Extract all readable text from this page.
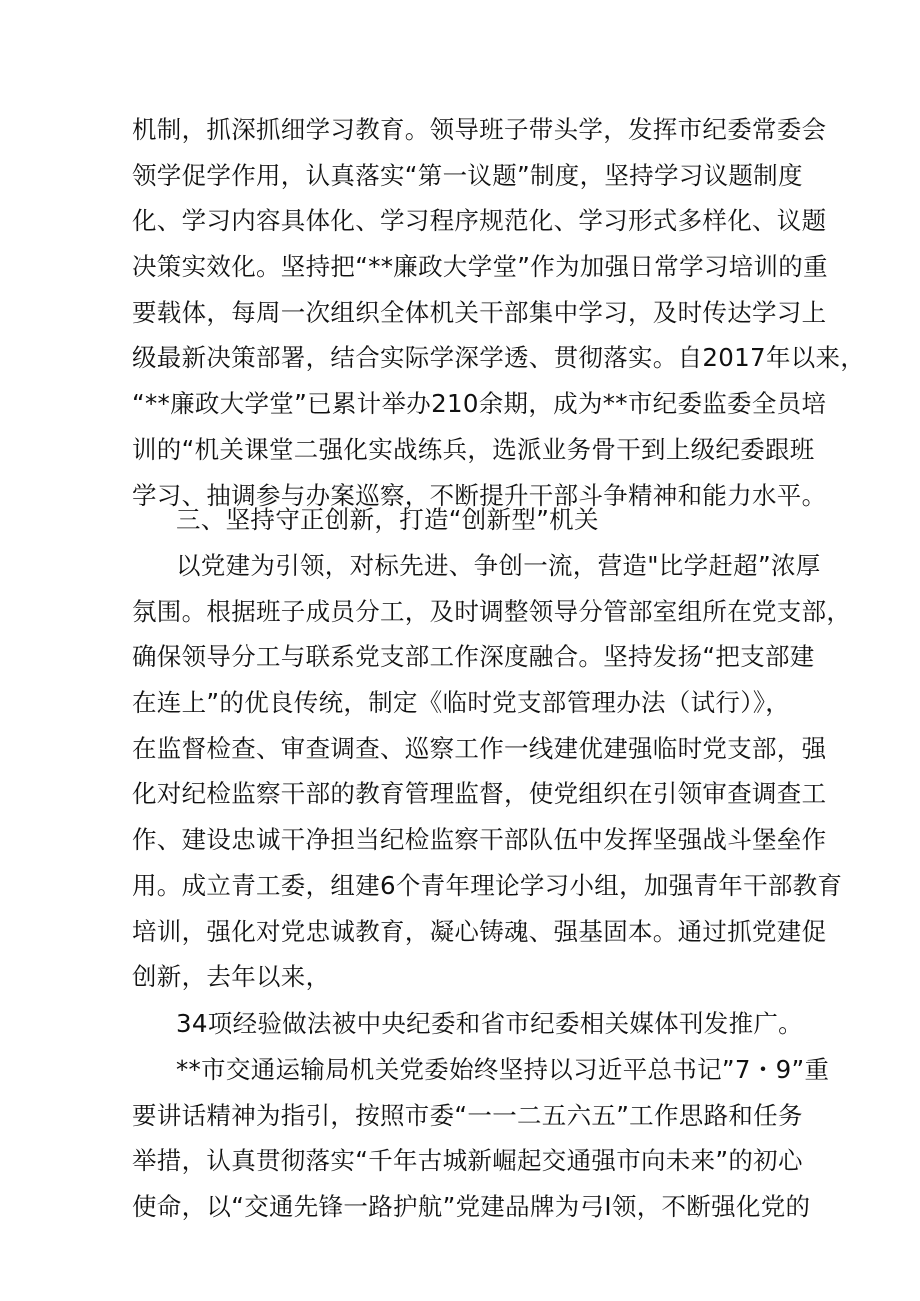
机制，抓深抓细学习教育。领导班子带头学，发挥市纪委常委会
领学促学作用，认真落实“第一议题”制度，坚持学习议题制度
化、学习内容具体化、学习程序规范化、学习形式多样化、议题
决策实效化。坚持把“**廉政大学堂”作为加强日常学习培训的重
要载体，每周一次组织全体机关干部集中学习，及时传达学习上
级最新决策部署，结合实际学深学透、贯彻落实。自2017年以来，
“**廉政大学堂”已累计举办210余期，成为**市纪委监委全员培
训的“机关课堂二强化实战练兵，选派业务骨干到上级纪委跟班
学习、抽调参与办案巡察，不断提升干部斗争精神和能力水平。
三、坚持守正创新，打造“创新型”机关
以党建为引领，对标先进、争创一流，营造"比学赶超”浓厚
氛围。根据班子成员分工，及时调整领导分管部室组所在党支部，
确保领导分工与联系党支部工作深度融合。坚持发扬“把支部建
在连上”的优良传统，制定《临时党支部管理办法（试行）》，
在监督检查、审查调查、巡察工作一线建优建强临时党支部，强
化对纪检监察干部的教育管理监督，使党组织在引领审查调查工
作、建设忠诚干净担当纪检监察干部队伍中发挥坚强战斗堡垒作
用。成立青工委，组建6个青年理论学习小组，加强青年干部教育
培训，强化对党忠诚教育，凝心铸魂、强基固本。通过抓党建促
创新，去年以来，
34项经验做法被中央纪委和省市纪委相关媒体刊发推广。
**市交通运输局机关党委始终坚持以习近平总书记”7・9”重
要讲话精神为指引，按照市委“一一二五六五”工作思路和任务
举措，认真贯彻落实“千年古城新崛起交通强市向未来”的初心
使命，以“交通先锋一路护航”党建品牌为弓I领，不断强化党的
